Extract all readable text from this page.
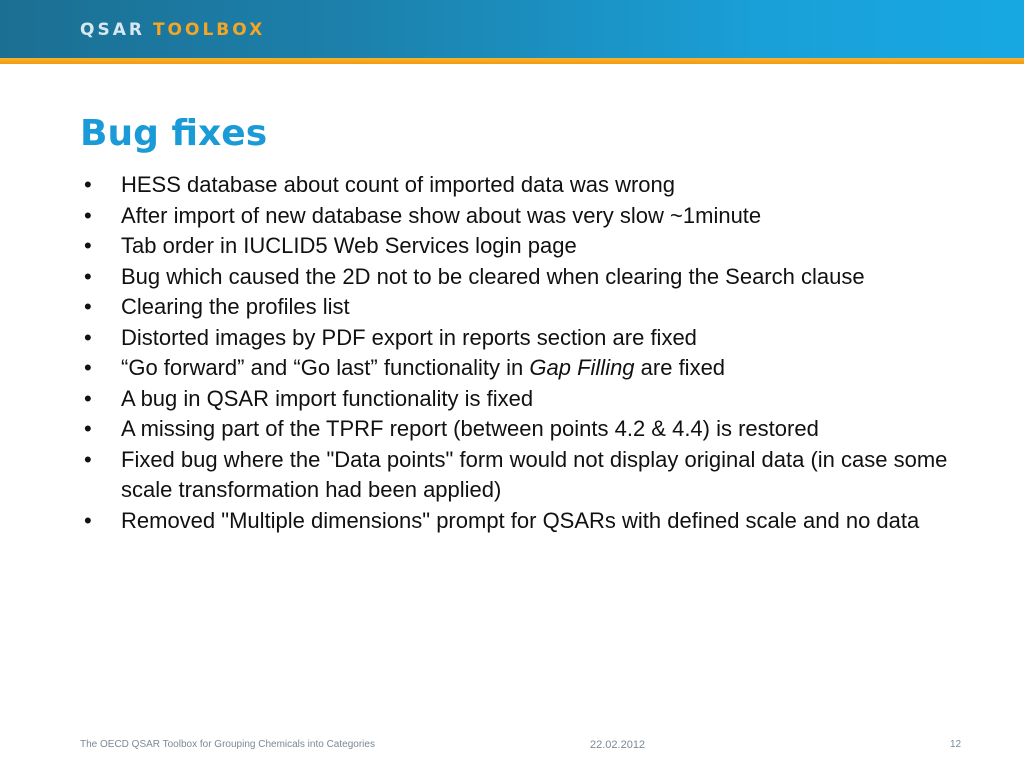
QSAR TOOLBOX
Bug fixes
•	HESS database about count of imported data was wrong
•	After import of new database show about was very slow ~1minute
•	Tab order in IUCLID5 Web Services login page
•	Bug which caused the 2D not to be cleared when clearing the Search clause
•	Clearing the profiles list
•	Distorted images by PDF export in reports section are fixed
•	“Go forward” and “Go last” functionality in Gap Filling are fixed
•	A bug in QSAR import functionality is fixed
•	A missing part of the TPRF report (between points 4.2 & 4.4) is restored
•	Fixed bug where the "Data points" form would not display original data (in case some scale transformation had been applied)
•	Removed "Multiple dimensions" prompt for QSARs with defined scale and no data
The OECD QSAR Toolbox for Grouping Chemicals into Categories	22.02.2012	12
